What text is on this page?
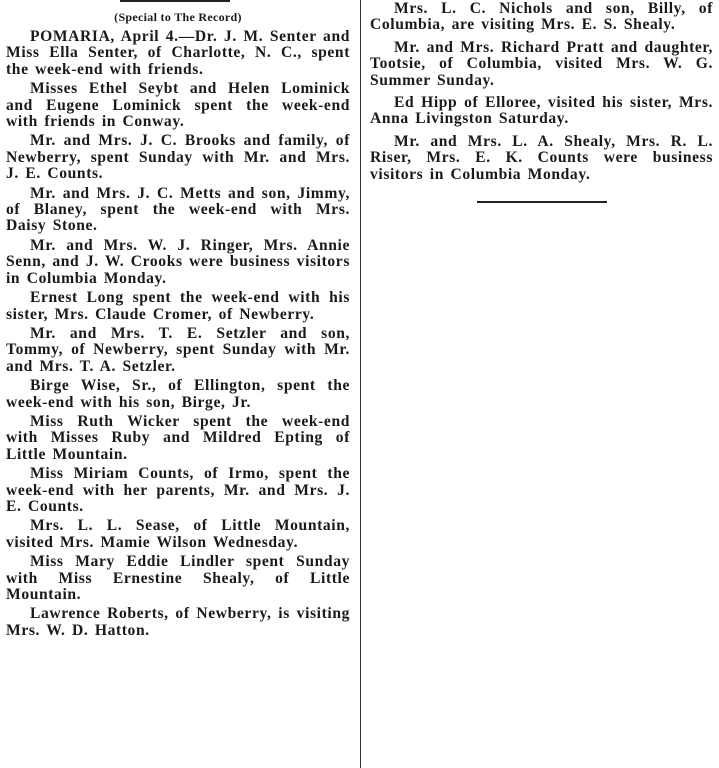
(Special to The Record)

POMARIA, April 4.—Dr. J. M. Senter and Miss Ella Senter, of Charlotte, N. C., spent the week-end with friends.

Misses Ethel Seybt and Helen Lominick and Eugene Lominick spent the week-end with friends in Conway.

Mr. and Mrs. J. C. Brooks and family, of Newberry, spent Sunday with Mr. and Mrs. J. E. Counts.

Mr. and Mrs. J. C. Metts and son, Jimmy, of Blaney, spent the week-end with Mrs. Daisy Stone.

Mr. and Mrs. W. J. Ringer, Mrs. Annie Senn, and J. W. Crooks were business visitors in Columbia Monday.

Ernest Long spent the week-end with his sister, Mrs. Claude Cromer, of Newberry.

Mr. and Mrs. T. E. Setzler and son, Tommy, of Newberry, spent Sunday with Mr. and Mrs. T. A. Setzler.

Birge Wise, Sr., of Ellington, spent the week-end with his son, Birge, Jr.

Miss Ruth Wicker spent the week-end with Misses Ruby and Mildred Epting of Little Mountain.

Miss Miriam Counts, of Irmo, spent the week-end with her parents, Mr. and Mrs. J. E. Counts.

Mrs. L. L. Sease, of Little Mountain, visited Mrs. Mamie Wilson Wednesday.

Miss Mary Eddie Lindler spent Sunday with Miss Ernestine Shealy, of Little Mountain.

Lawrence Roberts, of Newberry, is visiting Mrs. W. D. Hatton.

Mrs. L. C. Nichols and son, Billy, of Columbia, are visiting Mrs. E. S. Shealy.

Mr. and Mrs. Richard Pratt and daughter, Tootsie, of Columbia, visited Mrs. W. G. Summer Sunday.

Ed Hipp of Elloree, visited his sister, Mrs. Anna Livingston Saturday.

Mr. and Mrs. L. A. Shealy, Mrs. R. L. Riser, Mrs. E. K. Counts were business visitors in Columbia Monday.
